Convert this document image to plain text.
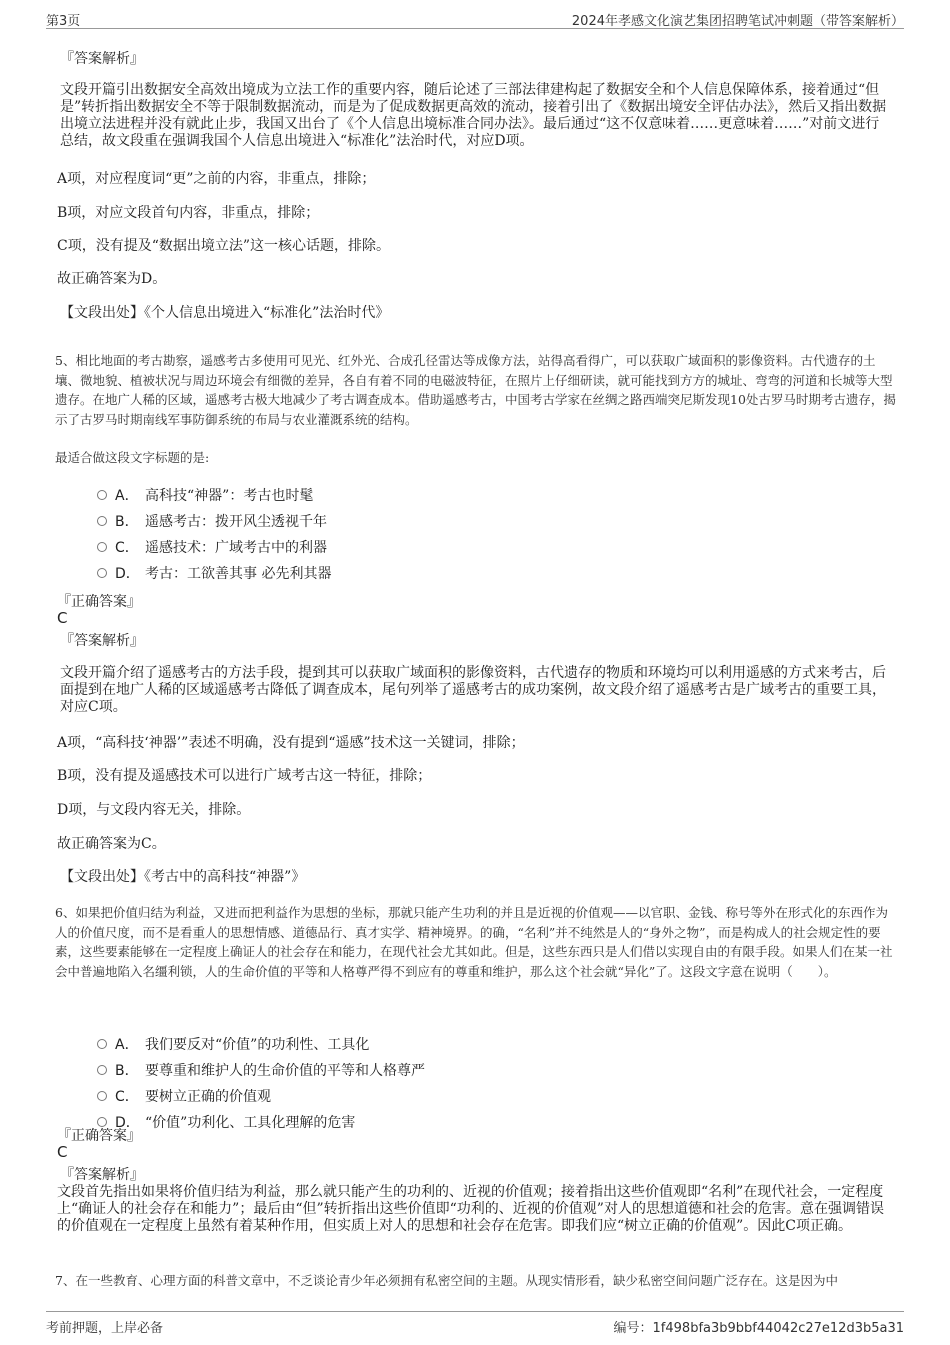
第3页	2024年孝感文化演艺集团招聘笔试冲刺题（带答案解析）
『答案解析』
文段开篇引出数据安全高效出境成为立法工作的重要内容，随后论述了三部法律建构起了数据安全和个人信息保障体系，接着通过“但是”转折指出数据安全不等于限制数据流动，而是为了促成数据更高效的流动，接着引出了《数据出境安全评估办法》，然后又指出数据出境立法进程并没有就此止步，我国又出台了《个人信息出境标准合同办法》。最后通过“这不仅意味着……更意味着……”对前文进行总结，故文段重在强调我国个人信息出境进入“标准化”法治时代，对应D项。
A项，对应程度词“更”之前的内容，非重点，排除；
B项，对应文段首句内容，非重点，排除；
C项，没有提及“数据出境立法”这一核心话题，排除。
故正确答案为D。
【文段出处】《个人信息出境进入“标准化”法治时代》
5、相比地面的考古勘察，遥感考古多使用可见光、红外光、合成孔径雷达等成像方法，站得高看得广，可以获取广域面积的影像资料。古代遗存的土壤、微地貌、植被状况与周边环境会有细微的差异，各自有着不同的电磁波特征，在照片上仔细研读，就可能找到方方的城址、弯弯的河道和长城等大型遗存。在地广人稀的区域，遥感考古极大地减少了考古调查成本。借助遥感考古，中国考古学家在丝绸之路西端突尼斯发现10处古罗马时期考古遗存，揭示了古罗马时期南线军事防御系统的布局与农业灌溉系统的结构。
最适合做这段文字标题的是:
A． 高科技“神器”：考古也时髦
B． 遥感考古：拨开风尘透视千年
C． 遥感技术：广域考古中的利器
D． 考古：工欲善其事 必先利其器
『正确答案』
C
『答案解析』
文段开篇介绍了遥感考古的方法手段，提到其可以获取广域面积的影像资料，古代遗存的物质和环境均可以利用遥感的方式来考古，后面提到在地广人稀的区域遥感考古降低了调查成本，尾句列举了遥感考古的成功案例，故文段介绍了遥感考古是广域考古的重要工具，对应C项。
A项，“高科技‘神器’”表述不明确，没有提到“遥感”技术这一关键词，排除；
B项，没有提及遥感技术可以进行广域考古这一特征，排除；
D项，与文段内容无关，排除。
故正确答案为C。
【文段出处】《考古中的高科技“神器”》
6、如果把价值归结为利益，又进而把利益作为思想的坐标，那就只能产生功利的并且是近视的价值观——以官职、金钱、称号等外在形式化的东西作为人的价值尺度，而不是看重人的思想情感、道德品行、真才实学、精神境界。的确，“名利”并不纯然是人的“身外之物”，而是构成人的社会规定性的要素，这些要素能够在一定程度上确证人的社会存在和能力，在现代社会尤其如此。但是，这些东西只是人们借以实现自由的有限手段。如果人们在某一社会中普遍地陷入名缰利锁，人的生命价值的平等和人格尊严得不到应有的尊重和维护，那么这个社会就“异化”了。这段文字意在说明（　　）。
A． 我们要反对“价值”的功利性、工具化
B． 要尊重和维护人的生命价值的平等和人格尊严
C． 要树立正确的价值观
D． “价值”功利化、工具化理解的危害
『正确答案』
C
『答案解析』
文段首先指出如果将价值归结为利益，那么就只能产生的功利的、近视的价值观；接着指出这些价值观即“名利”在现代社会，一定程度上“确证人的社会存在和能力”；最后由“但”转折指出这些价值即“功利的、近视的价值观”对人的思想道德和社会的危害。意在强调错误的价值观在一定程度上虽然有着某种作用，但实质上对人的思想和社会存在危害。即我们应“树立正确的价值观”。因此C项正确。
7、在一些教育、心理方面的科普文章中，不乏谈论青少年必须拥有私密空间的主题。从现实情形看，缺少私密空间问题广泛存在。这是因为中
考前押题，上岸必备	编号：1f498bfa3b9bbf44042c27e12d3b5a31
